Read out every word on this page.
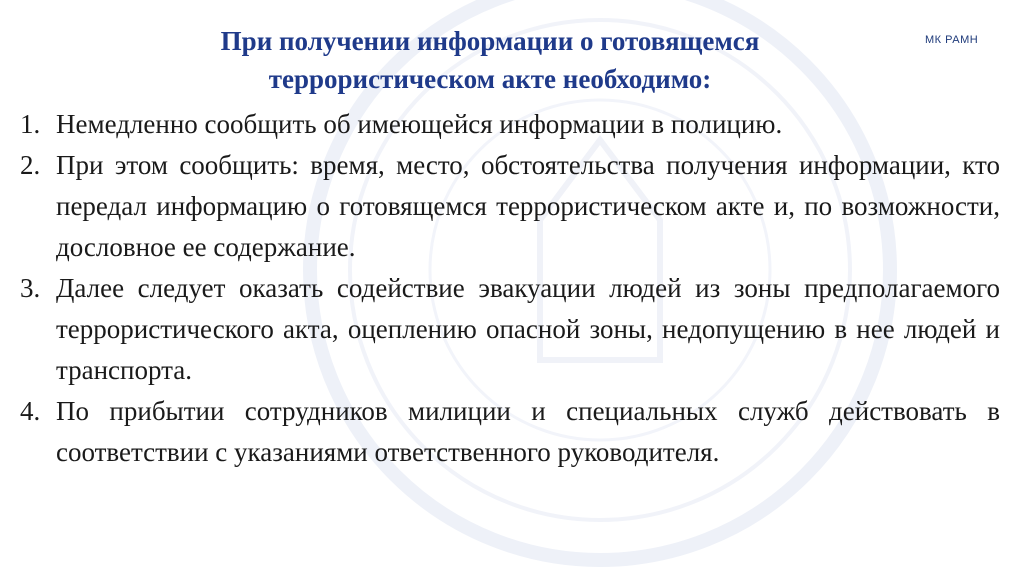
МК РАМН
При получении информации о готовящемся
террористическом акте необходимо:
1. Немедленно сообщить об имеющейся информации в полицию.
2. При этом сообщить: время, место, обстоятельства получения информации, кто передал информацию о готовящемся террористическом акте и, по возможности, дословное ее содержание.
3. Далее следует оказать содействие эвакуации людей из зоны предполагаемого террористического акта, оцеплению опасной зоны, недопущению в нее людей и транспорта.
4. По прибытии сотрудников милиции и специальных служб действовать в соответствии с указаниями ответственного руководителя.
